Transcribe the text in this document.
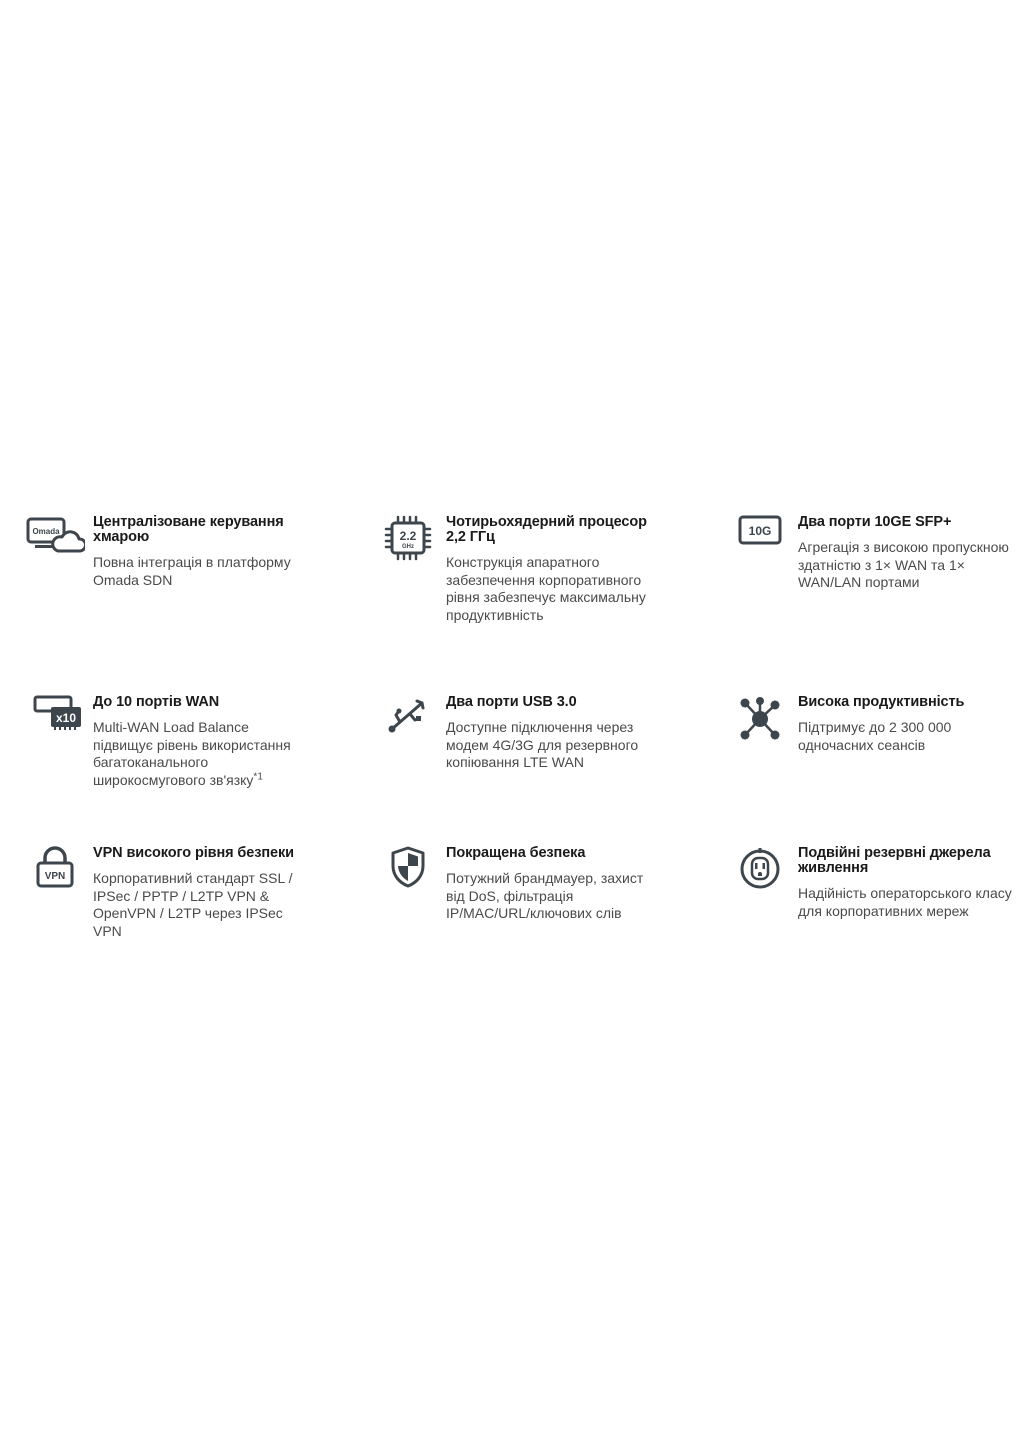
Omada
Централізоване керування хмарою
Повна інтеграція в платформу Omada SDN
2.2
GHz
Чотирьохядерний процесор 2,2 ГГц
Конструкція апаратного забезпечення корпоративного рівня забезпечує максимальну продуктивність
10G
Два порти 10GE SFP+
Агрегація з високою пропускною здатністю з 1× WAN та 1× WAN/LAN портами
x10
До 10 портів WAN
Multi-WAN Load Balance підвищує рівень використання багатоканального широкосмугового зв'язку$^{*1}$
Два порти USB 3.0
Доступне підключення через модем 4G/3G для резервного копіювання LTE WAN
Висока продуктивність
Підтримує до 2 300 000 одночасних сеансів
VPN
VPN високого рівня безпеки
Корпоративний стандарт SSL / IPSec / PPTP / L2TP VPN & OpenVPN / L2TP через IPSec VPN
Покращена безпека
Потужний брандмауер, захист від DoS, фільтрація IP/MAC/URL/ключових слів
Подвійні резервні джерела живлення
Надійність операторського класу для корпоративних мереж
